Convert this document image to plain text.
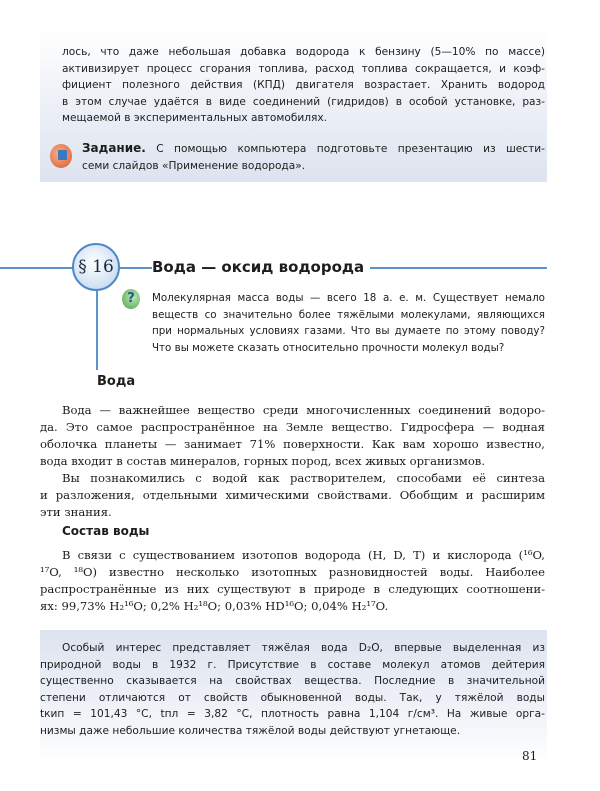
лось, что даже небольшая добавка водорода к бензину (5—10% по массе)
активизирует процесс сгорания топлива, расход топлива сокращается, и коэф-
фициент полезного действия (КПД) двигателя возрастает. Хранить водород
в этом случае удаётся в виде соединений (гидридов) в особой установке, раз-
мещаемой в экспериментальных автомобилях.
Задание. С помощью компьютера подготовьте презентацию из шести-
семи слайдов «Применение водорода».
§ 16	Вода — оксид водорода
?	Молекулярная масса воды — всего 18 а. е. м. Существует немало
веществ со значительно более тяжёлыми молекулами, являющихся
при нормальных условиях газами. Что вы думаете по этому поводу?
Что вы можете сказать относительно прочности молекул воды?
Вода
Вода — важнейшее вещество среди многочисленных соединений водоро-
да. Это самое распространённое на Земле вещество. Гидросфера — водная
оболочка планеты — занимает 71% поверхности. Как вам хорошо известно,
вода входит в состав минералов, горных пород, всех живых организмов.
Вы познакомились с водой как растворителем, способами её синтеза
и разложения, отдельными химическими свойствами. Обобщим и расширим
эти знания.
Состав воды
В связи с существованием изотопов водорода (H, D, T) и кислорода (¹⁶O,
¹⁷O, ¹⁸O) известно несколько изотопных разновидностей воды. Наиболее
распространённые из них существуют в природе в следующих соотношени-
ях: 99,73% H₂¹⁶O; 0,2% H₂¹⁸O; 0,03% HD¹⁶O; 0,04% H₂¹⁷O.
Особый интерес представляет тяжёлая вода D₂O, впервые выделенная из
природной воды в 1932 г. Присутствие в составе молекул атомов дейтерия
существенно сказывается на свойствах вещества. Последние в значительной
степени отличаются от свойств обыкновенной воды. Так, у тяжёлой воды
tкип = 101,43 °C, tпл = 3,82 °C, плотность равна 1,104 г/см³. На живые орга-
низмы даже небольшие количества тяжёлой воды действуют угнетающе.
81
